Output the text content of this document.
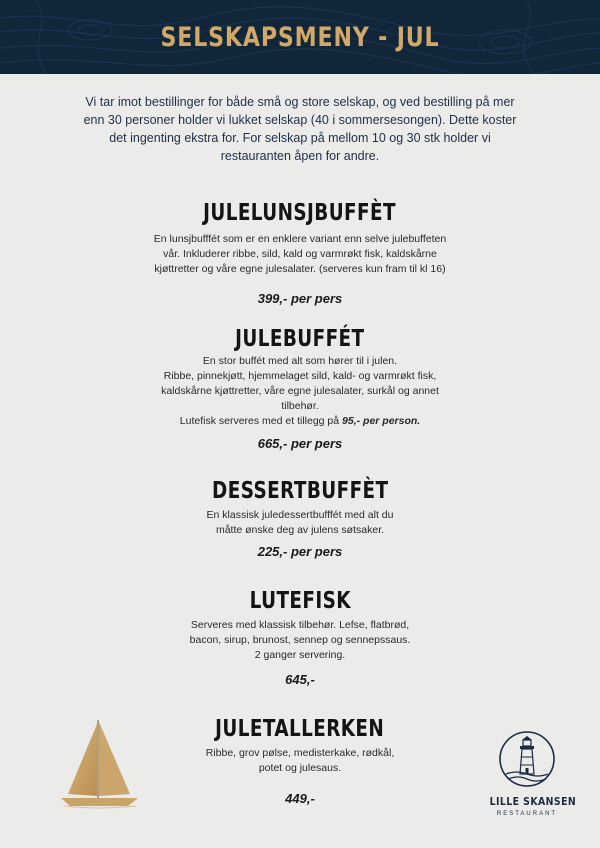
SELSKAPSMENY - JUL
Vi tar imot bestillinger for både små og store selskap, og ved bestilling på mer
enn 30 personer holder vi lukket selskap (40 i sommersesongen). Dette koster
det ingenting ekstra for. For selskap på mellom 10 og 30 stk holder vi
restauranten åpen for andre.
JULELUNSJBUFFÈT
En lunsjbufffét som er en enklere variant enn selve julebuffeten
vår. Inkluderer ribbe, sild, kald og varmrøkt fisk, kaldskårne
kjøttretter og våre egne julesalater. (serveres kun fram til kl 16)
399,- per pers
JULEBUFFÉT
En stor buffét med alt som hører til i julen.
Ribbe, pinnekjøtt, hjemmelaget sild, kald- og varmrøkt fisk,
kaldskårne kjøttretter, våre egne julesalater, surkål og annet
tilbehør.
Lutefisk serveres med et tillegg på 95,- per person.
665,- per pers
DESSERTBUFFÈT
En klassisk juledessertbufffét med alt du
måtte ønske deg av julens søtsaker.
225,- per pers
LUTEFISK
Serveres med klassisk tilbehør. Lefse, flatbrød,
bacon, sirup, brunost, sennep og sennepssaus.
2 ganger servering.
645,-
JULETALLERKEN
Ribbe, grov pølse, medisterkake, rødkål,
potet og julesaus.
449,-	LILLE SKANSEN
RESTAURANT
